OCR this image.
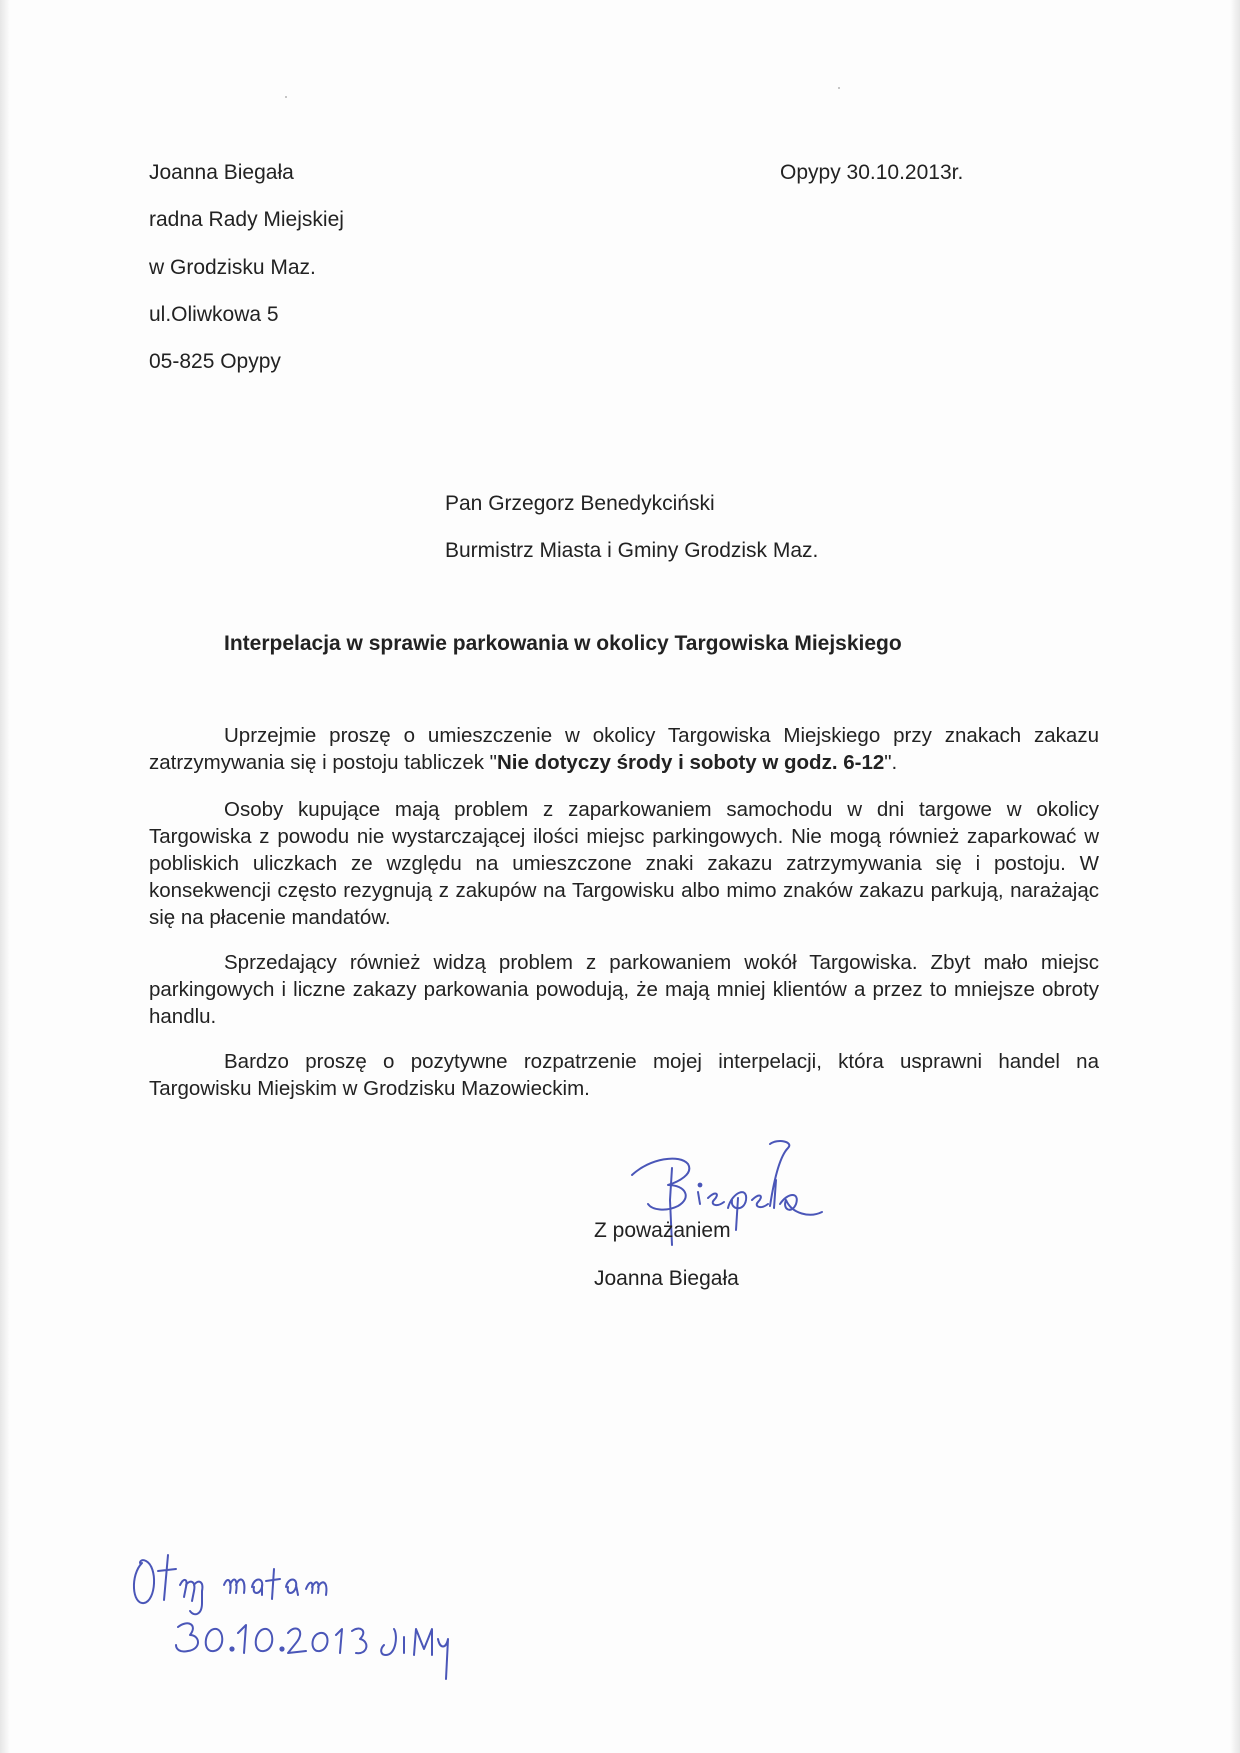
Joanna Biegała
radna Rady Miejskiej
w Grodzisku Maz.
ul.Oliwkowa 5
05-825 Opypy
Opypy 30.10.2013r.
Pan Grzegorz Benedykciński
Burmistrz Miasta i Gminy Grodzisk Maz.
Interpelacja w sprawie parkowania w okolicy Targowiska Miejskiego
Uprzejmie proszę o umieszczenie w okolicy Targowiska Miejskiego przy znakach zakazu zatrzymywania się i postoju tabliczek "Nie dotyczy środy i soboty w godz. 6-12".
Osoby kupujące mają problem z zaparkowaniem samochodu w dni targowe w okolicy Targowiska z powodu nie wystarczającej ilości miejsc parkingowych. Nie mogą również zaparkować w pobliskich uliczkach ze względu na umieszczone znaki zakazu zatrzymywania się i postoju. W konsekwencji często rezygnują z zakupów na Targowisku albo mimo znaków zakazu parkują, narażając się na płacenie mandatów.
Sprzedający również widzą problem z parkowaniem wokół Targowiska. Zbyt mało miejsc parkingowych i liczne zakazy parkowania powodują, że mają mniej klientów a przez to mniejsze obroty handlu.
Bardzo proszę o pozytywne rozpatrzenie mojej interpelacji, która usprawni handel na Targowisku Miejskim w Grodzisku Mazowieckim.
Z poważaniem
Joanna Biegała
